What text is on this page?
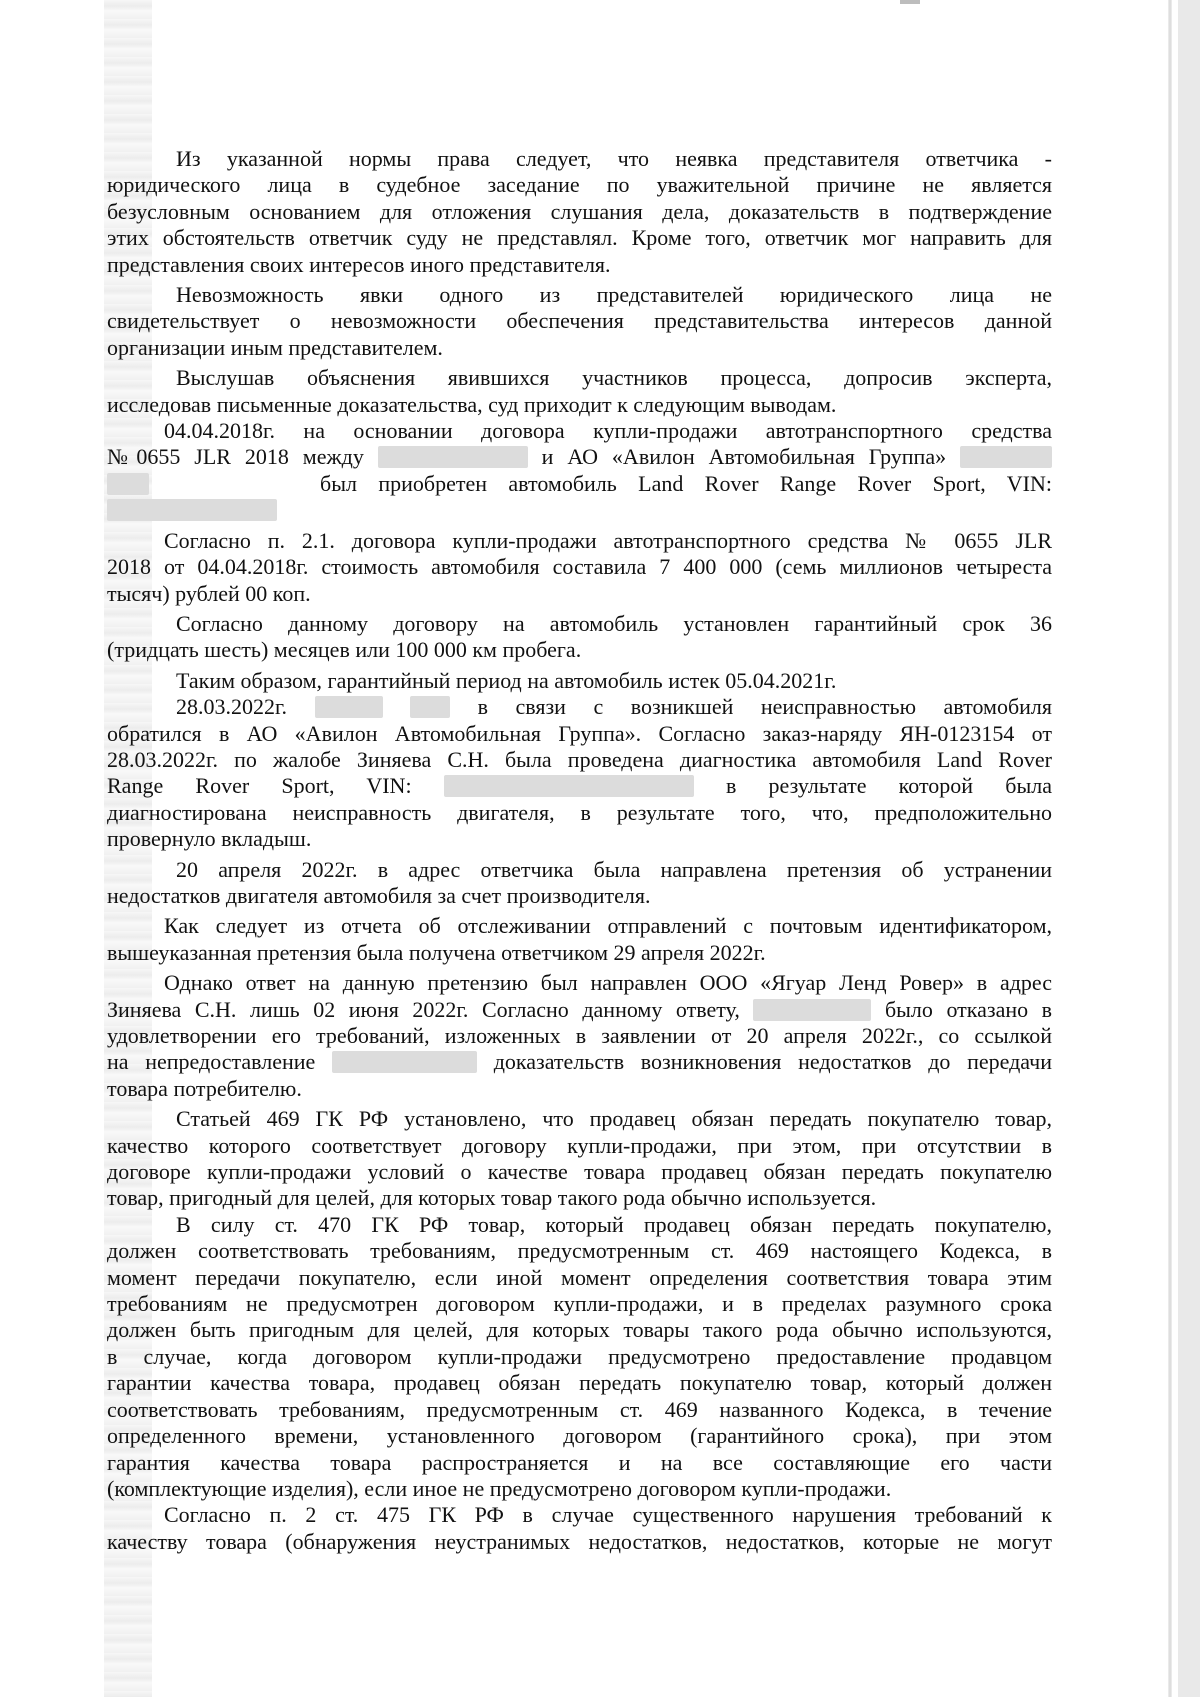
Из указанной нормы права следует, что неявка представителя ответчика -
юридического лица в судебное заседание по уважительной причине не является
безусловным основанием для отложения слушания дела, доказательств в подтверждение
этих обстоятельств ответчик суду не представлял. Кроме того, ответчик мог направить для
представления своих интересов иного представителя.

Невозможность явки одного из представителей юридического лица не
свидетельствует о невозможности обеспечения представительства интересов данной
организации иным представителем.

Выслушав объяснения явившихся участников процесса, допросив эксперта,
исследовав письменные доказательства, суд приходит к следующим выводам.

04.04.2018г. на основании договора купли-продажи автотранспортного средства
№0655 JLR 2018 между	и АО «Авилон Автомобильная Группа»
был приобретен автомобиль Land Rover Range Rover Sport, VIN:

Согласно п. 2.1. договора купли-продажи автотранспортного средства № 0655 JLR
2018 от 04.04.2018г. стоимость автомобиля составила 7 400 000 (семь миллионов четыреста
тысяч) рублей 00 коп.

Согласно данному договору на автомобиль установлен гарантийный срок 36
(тридцать шесть) месяцев или 100 000 км пробега.

Таким образом, гарантийный период на автомобиль истек 05.04.2021г.

28.03.2022г.	в связи с возникшей неисправностью автомобиля
обратился в АО «Авилон Автомобильная Группа». Согласно заказ-наряду ЯН-0123154 от
28.03.2022г. по жалобе Зиняева С.Н. была проведена диагностика автомобиля Land Rover
Range Rover Sport, VIN:	в результате которой была
диагностирована неисправность двигателя, в результате того, что, предположительно
провернуло вкладыш.

20 апреля 2022г. в адрес ответчика была направлена претензия об устранении
недостатков двигателя автомобиля за счет производителя.

Как следует из отчета об отслеживании отправлений с почтовым идентификатором,
вышеуказанная претензия была получена ответчиком 29 апреля 2022г.

Однако ответ на данную претензию был направлен ООО «Ягуар Ленд Ровер» в адрес
Зиняева С.Н. лишь 02 июня 2022г. Согласно данному ответу,	было отказано в
удовлетворении его требований, изложенных в заявлении от 20 апреля 2022г., со ссылкой
на непредоставление	доказательств возникновения недостатков до передачи
товара потребителю.

Статьей 469 ГК РФ установлено, что продавец обязан передать покупателю товар,
качество которого соответствует договору купли-продажи, при этом, при отсутствии в
договоре купли-продажи условий о качестве товара продавец обязан передать покупателю
товар, пригодный для целей, для которых товар такого рода обычно используется.

В силу ст. 470 ГК РФ товар, который продавец обязан передать покупателю,
должен соответствовать требованиям, предусмотренным ст. 469 настоящего Кодекса, в
момент передачи покупателю, если иной момент определения соответствия товара этим
требованиям не предусмотрен договором купли-продажи, и в пределах разумного срока
должен быть пригодным для целей, для которых товары такого рода обычно используются,
в случае, когда договором купли-продажи предусмотрено предоставление продавцом
гарантии качества товара, продавец обязан передать покупателю товар, который должен
соответствовать требованиям, предусмотренным ст. 469 названного Кодекса, в течение
определенного времени, установленного договором (гарантийного срока), при этом
гарантия качества товара распространяется и на все составляющие его части
(комплектующие изделия), если иное не предусмотрено договором купли-продажи.

Согласно п. 2 ст. 475 ГК РФ в случае существенного нарушения требований к
качеству товара (обнаружения неустранимых недостатков, недостатков, которые не могут
